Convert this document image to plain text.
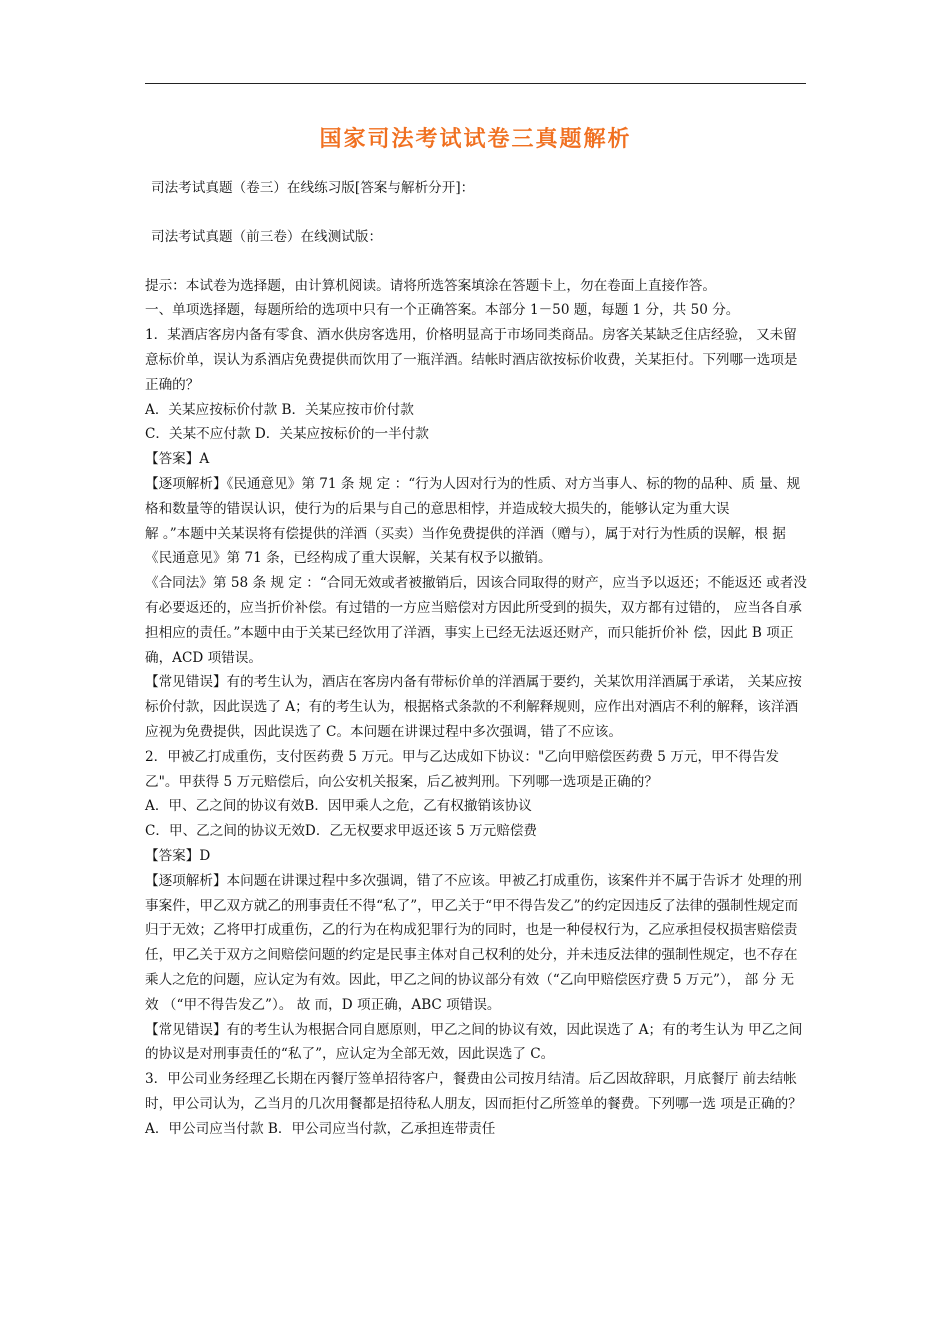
国家司法考试试卷三真题解析

司法考试真题（卷三）在线练习版[答案与解析分开]：

司法考试真题（前三卷）在线测试版：

提示：本试卷为选择题，由计算机阅读。请将所选答案填涂在答题卡上，勿在卷面上直接作答。

一、单项选择题，每题所给的选项中只有一个正确答案。本部分 1－50 题，每题 1 分，共 50 分。

1．某酒店客房内备有零食、酒水供房客选用，价格明显高于市场同类商品。房客关某缺乏住店经验， 又未留意标价单，误认为系酒店免费提供而饮用了一瓶洋酒。结帐时酒店欲按标价收费，关某拒付。下列哪一选项是正确的？

A．关某应按标价付款 B．关某应按市价付款

C．关某不应付款 D．关某应按标价的一半付款

【答案】A

【逐项解析】《民通意见》第 71 条 规 定 ：“行为人因对行为的性质、对方当事人、标的物的品种、质 量、规格和数量等的错误认识，使行为的后果与自己的意思相悖，并造成较大损失的，能够认定为重大误

解 。”本题中关某误将有偿提供的洋酒（买卖）当作免费提供的洋酒（赠与），属于对行为性质的误解，根 据《民通意见》第 71 条，已经构成了重大误解，关某有权予以撤销。

《合同法》第 58 条 规 定 ：“合同无效或者被撤销后，因该合同取得的财产，应当予以返还；不能返还 或者没有必要返还的，应当折价补偿。有过错的一方应当赔偿对方因此所受到的损失，双方都有过错的， 应当各自承担相应的责任。”本题中由于关某已经饮用了洋酒，事实上已经无法返还财产，而只能折价补 偿，因此 B 项正确，ACD 项错误。

【常见错误】有的考生认为，酒店在客房内备有带标价单的洋酒属于要约，关某饮用洋酒属于承诺， 关某应按标价付款，因此误选了 A；有的考生认为，根据格式条款的不利解释规则，应作出对酒店不利的解释，该洋酒应视为免费提供，因此误选了 C。本问题在讲课过程中多次强调，错了不应该。

2．甲被乙打成重伤，支付医药费 5 万元。甲与乙达成如下协议："乙向甲赔偿医药费 5 万元，甲不得告发乙"。甲获得 5 万元赔偿后，向公安机关报案，后乙被判刑。下列哪一选项是正确的？

A．甲、乙之间的协议有效B．因甲乘人之危，乙有权撤销该协议

C．甲、乙之间的协议无效D．乙无权要求甲返还该 5 万元赔偿费

【答案】D

【逐项解析】本问题在讲课过程中多次强调，错了不应该。甲被乙打成重伤，该案件并不属于告诉才 处理的刑事案件，甲乙双方就乙的刑事责任不得“私了”，甲乙关于“甲不得告发乙”的约定因违反了法律的强制性规定而归于无效；乙将甲打成重伤，乙的行为在构成犯罪行为的同时，也是一种侵权行为，乙应承担侵权损害赔偿责任，甲乙关于双方之间赔偿问题的约定是民事主体对自己权利的处分，并未违反法律的强制性规定，也不存在乘人之危的问题，应认定为有效。因此，甲乙之间的协议部分有效（“乙向甲赔偿医疗费 5 万元”）， 部 分 无 效 （“甲不得告发乙”）。 故 而，D 项正确，ABC 项错误。

【常见错误】有的考生认为根据合同自愿原则，甲乙之间的协议有效，因此误选了 A；有的考生认为 甲乙之间的协议是对刑事责任的“私了”，应认定为全部无效，因此误选了 C。

3．甲公司业务经理乙长期在丙餐厅签单招待客户，餐费由公司按月结清。后乙因故辞职，月底餐厅 前去结帐时，甲公司认为，乙当月的几次用餐都是招待私人朋友，因而拒付乙所签单的餐费。下列哪一选 项是正确的？

A．甲公司应当付款 B．甲公司应当付款，乙承担连带责任
